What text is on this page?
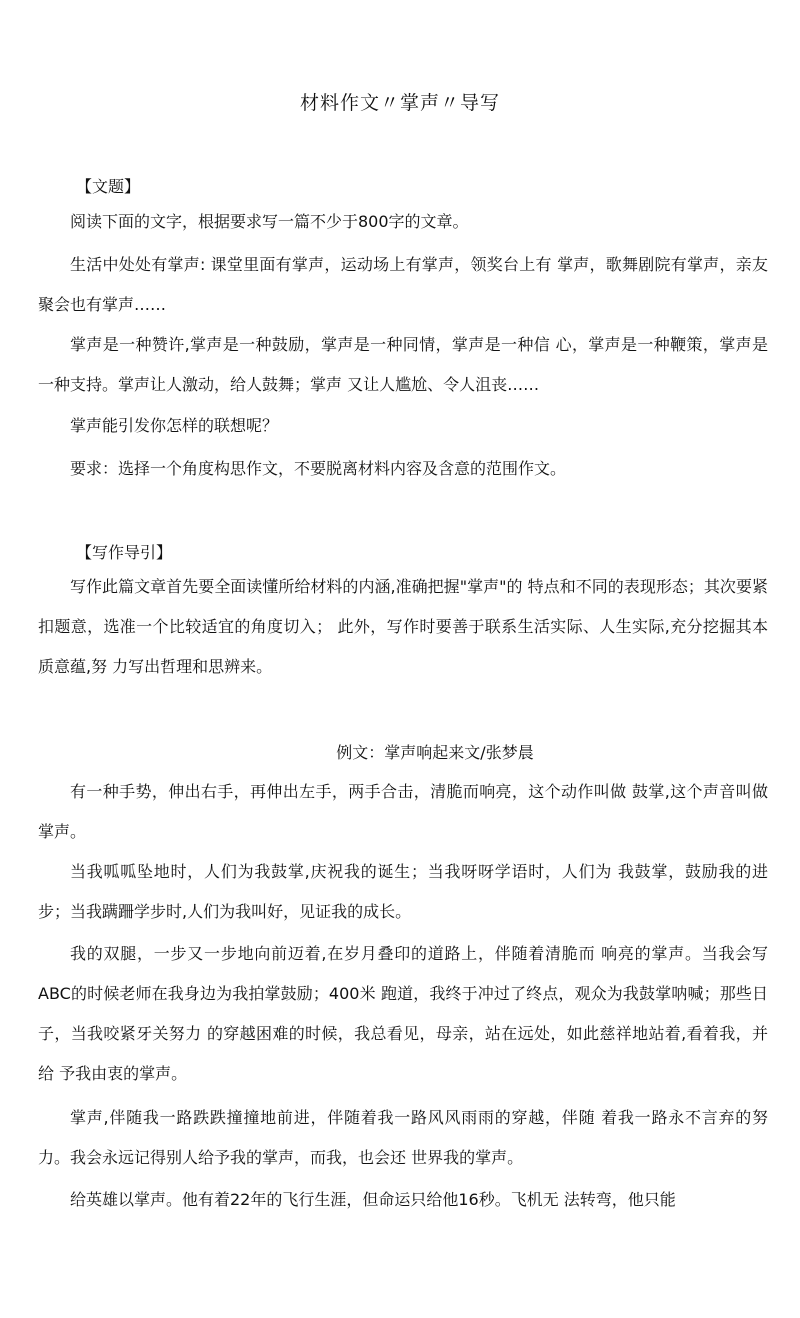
材料作文〃掌声〃导写
【文题】

阅读下面的文字，根据要求写一篇不少于800字的文章。

生活中处处有掌声: 课堂里面有掌声，运动场上有掌声，领奖台上有 掌声，歌舞剧院有掌声，亲友聚会也有掌声……

掌声是一种赞许,掌声是一种鼓励，掌声是一种同情，掌声是一种信 心，掌声是一种鞭策，掌声是一种支持。掌声让人激动，给人鼓舞；掌声 又让人尴尬、令人沮丧……

掌声能引发你怎样的联想呢？

要求：选择一个角度构思作文，不要脱离材料内容及含意的范围作文。

【写作导引】

写作此篇文章首先要全面读懂所给材料的内涵,准确把握"掌声"的 特点和不同的表现形态；其次要紧扣题意，选准一个比较适宜的角度切入； 此外，写作时要善于联系生活实际、人生实际,充分挖掘其本质意蕴,努 力写出哲理和思辨来。

例文：掌声响起来文/张梦晨

有一种手势，伸出右手，再伸出左手，两手合击，清脆而响亮，这个动作叫做 鼓掌,这个声音叫做掌声。

当我呱呱坠地时，人们为我鼓掌,庆祝我的诞生；当我呀呀学语时，人们为 我鼓掌，鼓励我的进步；当我蹒跚学步时,人们为我叫好，见证我的成长。

我的双腿，一步又一步地向前迈着,在岁月叠印的道路上，伴随着清脆而 响亮的掌声。当我会写ABC的时候老师在我身边为我拍掌鼓励；400米 跑道，我终于冲过了终点，观众为我鼓掌呐喊；那些日子，当我咬紧牙关努力 的穿越困难的时候，我总看见，母亲，站在远处，如此慈祥地站着,看着我，并给 予我由衷的掌声。

掌声,伴随我一路跌跌撞撞地前进，伴随着我一路风风雨雨的穿越，伴随 着我一路永不言弃的努力。我会永远记得别人给予我的掌声，而我，也会还 世界我的掌声。

给英雄以掌声。他有着22年的飞行生涯，但命运只给他16秒。飞机无 法转弯，他只能
